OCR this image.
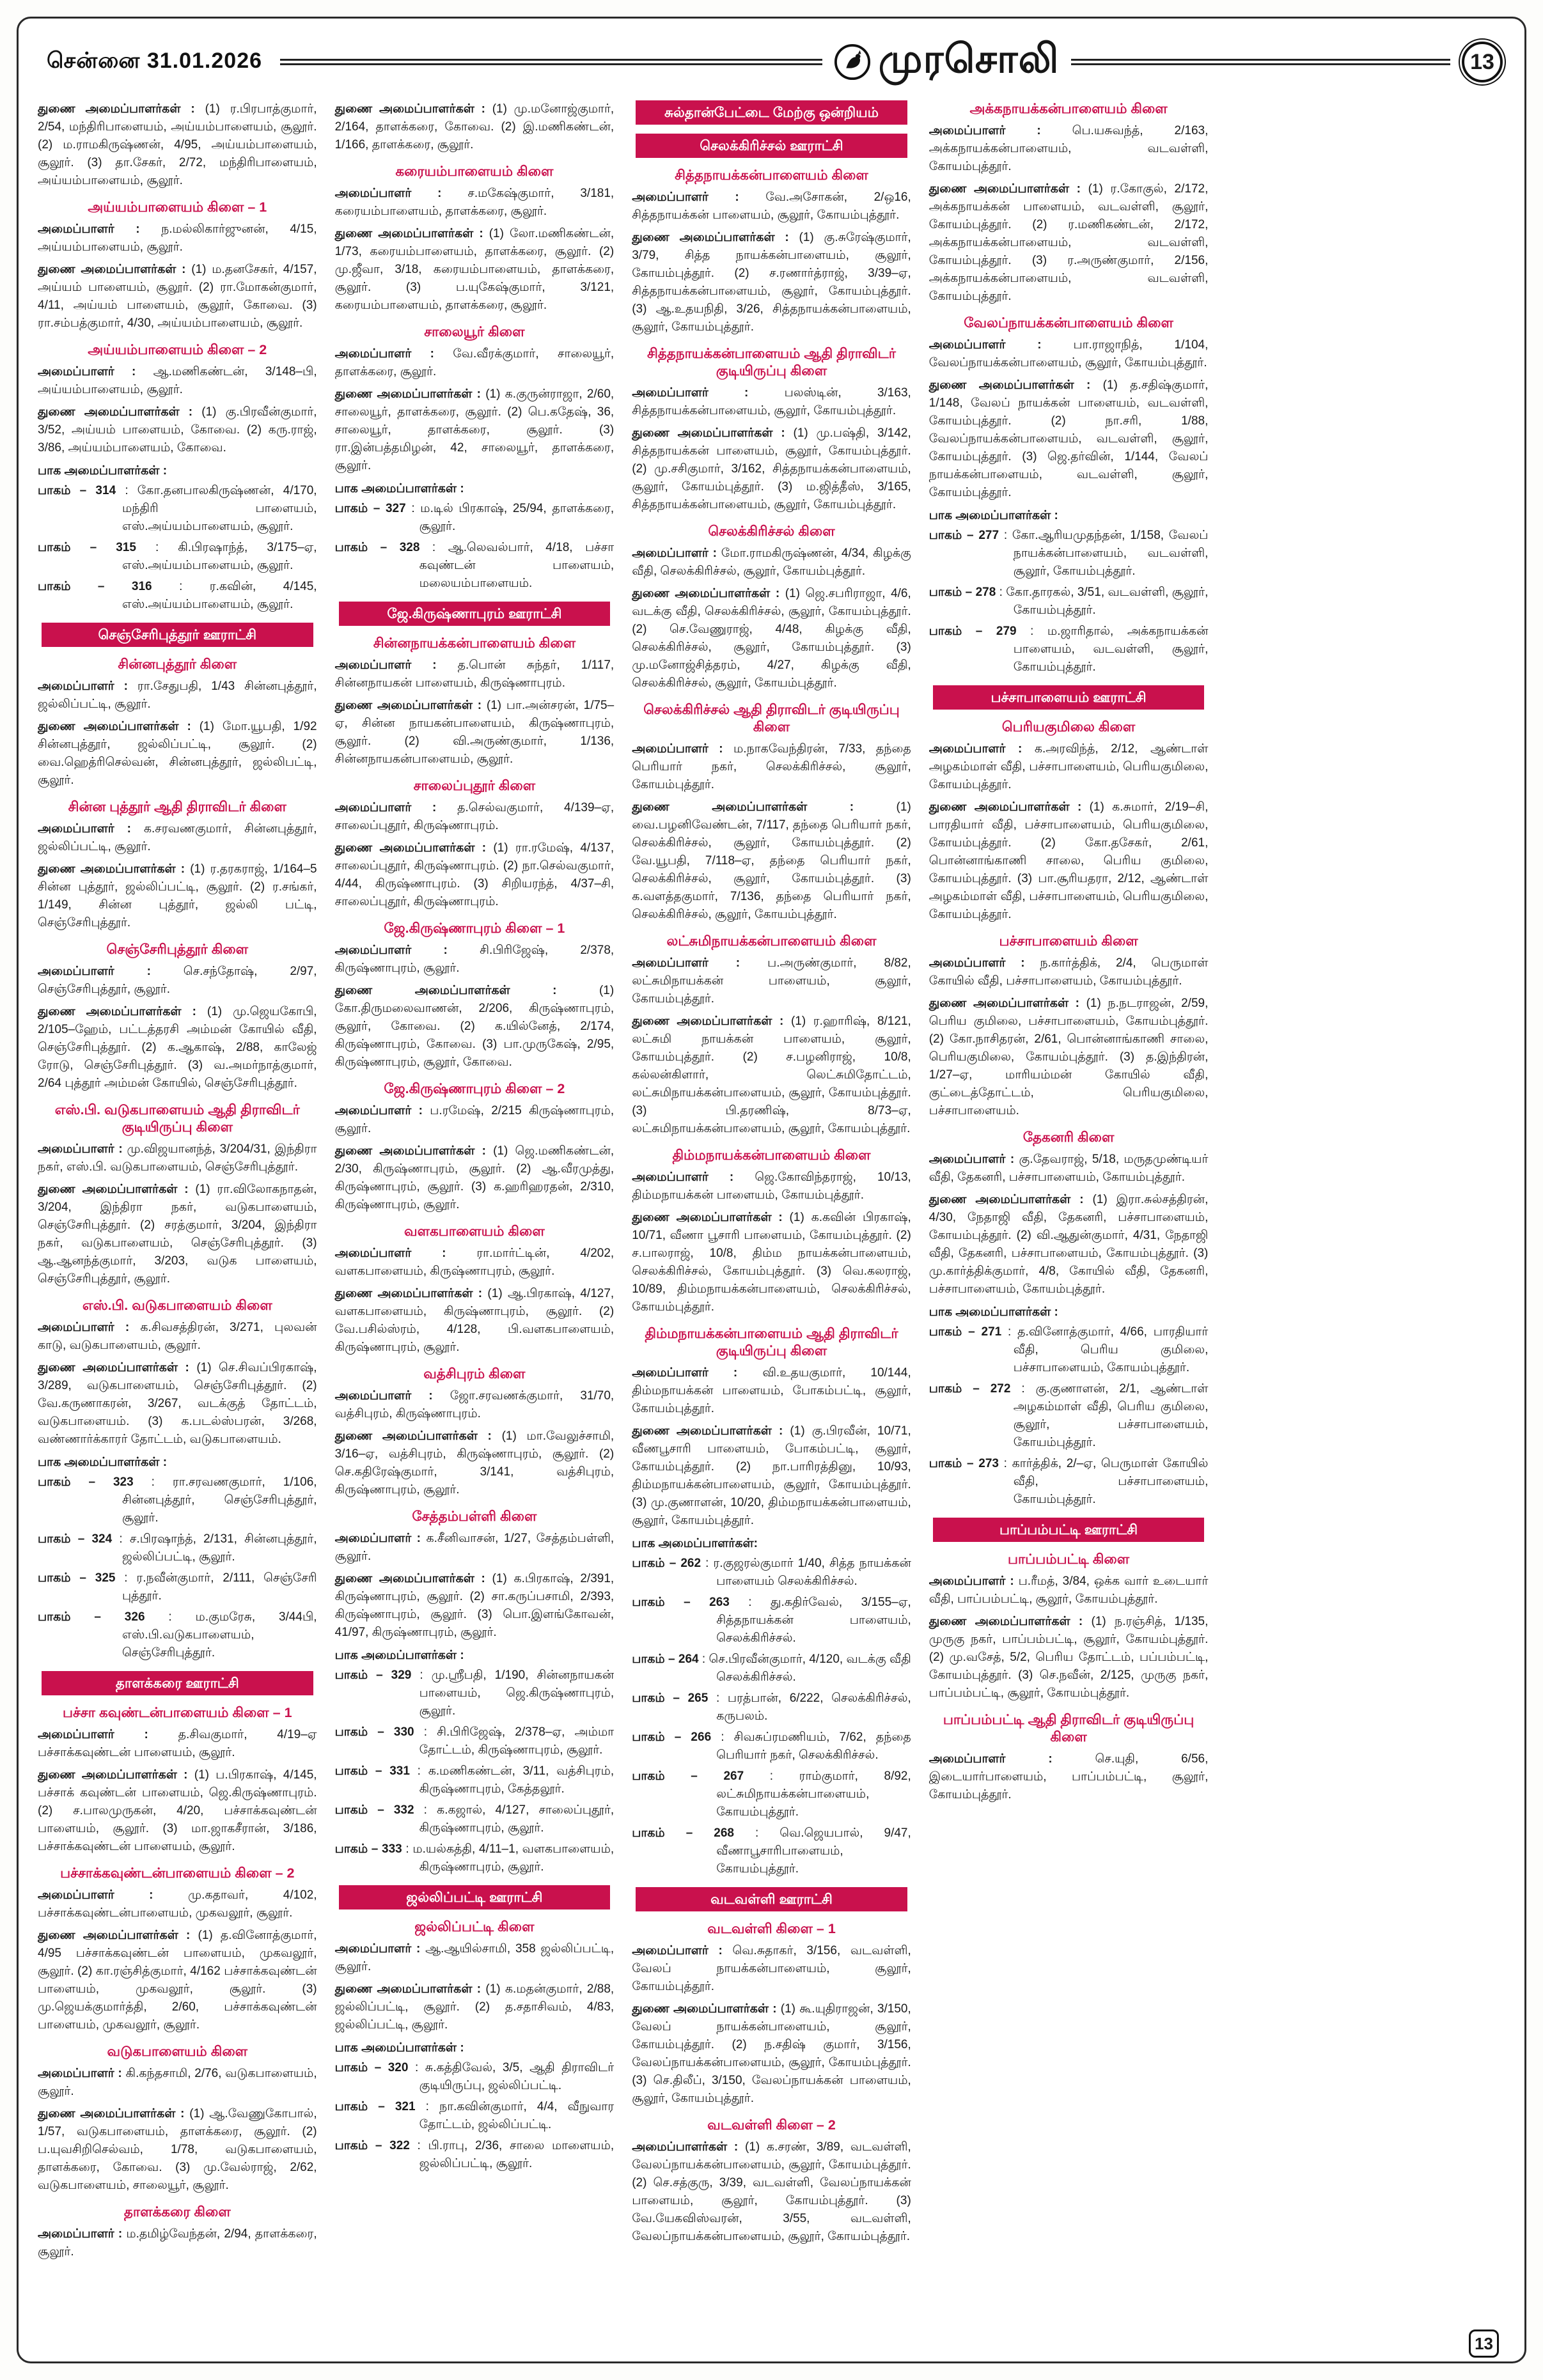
சென்னை 31.01.2026	முரசொலி	13

துணை அமைப்பாளர்கள் : (1) ர.பிரபாத்குமார், 2/54, மந்திரிபாளையம், அய்யம்பாளையம், சூலூர். (2) ம.ராமகிருஷ்ணன், 4/95, அய்யம்பாளையம், சூலூர். (3) தா.சேகர், 2/72, மந்திரிபாளையம், அய்யம்பாளையம், சூலூர்.

அய்யம்பாளையம் கிளை – 1

அமைப்பாளர் : ந.மல்லிகார்ஜுனன், 4/15, அய்யம்பாளையம், சூலூர்.

துணை அமைப்பாளர்கள் : (1) ம.தனசேகர், 4/157, அய்யம் பாளையம், சூலூர். (2) ரா.மோகன்குமார், 4/11, அய்யம் பாளையம், சூலூர், கோவை. (3) ரா.சம்பத்குமார், 4/30, அய்யம்பாளையம், சூலூர்.

அய்யம்பாளையம் கிளை – 2

அமைப்பாளர் : ஆ.மணிகண்டன், 3/148–பி, அய்யம்பாளையம், சூலூர்.

துணை அமைப்பாளர்கள் : (1) கு.பிரவீன்குமார், 3/52, அய்யம் பாளையம், கோவை. (2) கரு.ராஜ், 3/86, அய்யம்பாளையம், கோவை.

பாக அமைப்பாளர்கள் :

பாகம் – 314 : கோ.தனபாலகிருஷ்ணன், 4/170, மந்திரி பாளையம், எஸ்.அய்யம்பாளையம், சூலூர்.

பாகம் – 315 : கி.பிரஷாந்த், 3/175–ஏ, எஸ்.அய்யம்பாளையம், சூலூர்.

பாகம் – 316 : ர.கவின், 4/145, எஸ்.அய்யம்பாளையம், சூலூர்.

செஞ்சேரிபுத்தூர் ஊராட்சி
சின்னபுத்தூர் கிளை

அமைப்பாளர் : ரா.சேதுபதி, 1/43 சின்னபுத்தூர், ஜல்லிப்பட்டி, சூலூர்.

துணை அமைப்பாளர்கள் : (1) மோ.யூபதி, 1/92 சின்னபுத்தூர், ஜல்லிப்பட்டி, சூலூர். (2) வை.ஹெத்ரிசெல்வன், சின்னபுத்தூர், ஜல்லிபட்டி, சூலூர்.

சின்ன புத்தூர் ஆதி திராவிடர் கிளை

அமைப்பாளர் : க.சரவணகுமார், சின்னபுத்தூர், ஜல்லிப்பட்டி, சூலூர்.

துணை அமைப்பாளர்கள் : (1) ர.தரகராஜ், 1/164–5 சின்ன புத்தூர், ஜல்லிப்பட்டி, சூலூர். (2) ர.சங்கர், 1/149, சின்ன புத்தூர், ஜல்லி பட்டி, செஞ்சேரிபுத்தூர்.

செஞ்சேரிபுத்தூர் கிளை

அமைப்பாளர் : செ.சந்தோஷ், 2/97, செஞ்சேரிபுத்தூர், சூலூர்.

துணை அமைப்பாளர்கள் : (1) மு.ஜெயகோபி, 2/105–ஹேம், பட்டத்தரசி அம்மன் கோயில் வீதி, செஞ்சேரிபுத்தூர். (2) க.ஆகாஷ், 2/88, காலேஜ் ரோடு, செஞ்சேரிபுத்தூர். (3) வ.அமர்நாத்குமார், 2/64 புத்தூர் அம்மன் கோயில், செஞ்சேரிபுத்தூர்.

எஸ்.பி. வடுகபாளையம் ஆதி திராவிடர் குடியிருப்பு கிளை

அமைப்பாளர் : மு.விஜயானந்த், 3/204/31, இந்திரா நகர், எஸ்.பி. வடுகபாளையம், செஞ்சேரிபுத்தூர்.

துணை அமைப்பாளர்கள் : (1) ரா.விலோகநாதன், 3/204, இந்திரா நகர், வடுகபாளையம், செஞ்சேரிபுத்தூர். (2) சரத்குமார், 3/204, இந்திரா நகர், வடுகபாளையம், செஞ்சேரிபுத்தூர். (3) ஆ.ஆனந்த்குமார், 3/203, வடுக பாளையம், செஞ்சேரிபுத்தூர், சூலூர்.

எஸ்.பி. வடுகபாளையம் கிளை

அமைப்பாளர் : க.சிவசத்திரன், 3/271, புலவன் காடு, வடுகபாளையம், சூலூர்.

துணை அமைப்பாளர்கள் : (1) செ.சிவப்பிரகாஷ், 3/289, வடுகபாளையம், செஞ்சேரிபுத்தூர். (2) வே.கருணாகரன், 3/267, வடக்குத் தோட்டம், வடுகபாளையம். (3) க.படல்ஸ்பரன், 3/268, வண்ணார்க்காரர் தோட்டம், வடுகபாளையம்.

பாக அமைப்பாளர்கள் :

பாகம் – 323 : ரா.சரவணகுமார், 1/106, சின்னபுத்தூர், செஞ்சேரிபுத்தூர், சூலூர்.

பாகம் – 324 : ச.பிரஷாந்த், 2/131, சின்னபுத்தூர், ஜல்லிப்பட்டி, சூலூர்.

பாகம் – 325 : ர.நவீன்குமார், 2/111, செஞ்சேரி புத்தூர்.

பாகம் – 326 : ம.குமரேசு, 3/44பி, எஸ்.பி.வடுகபாளையம், செஞ்சேரிபுத்தூர்.

தாளக்கரை ஊராட்சி
பச்சா கவுண்டன்பாளையம் கிளை – 1

அமைப்பாளர் : த.சிவகுமார், 4/19–ஏ பச்சாக்கவுண்டன் பாளையம், சூலூர்.

துணை அமைப்பாளர்கள் : (1) ப.பிரகாஷ், 4/145, பச்சாக் கவுண்டன் பாளையம், ஜெ.கிருஷ்ணாபுரம். (2) ச.பாலமுருகன், 4/20, பச்சாக்கவுண்டன் பாளையம், சூலூர். (3) மா.ஜாகசீரான், 3/186, பச்சாக்கவுண்டன் பாளையம், சூலூர்.

பச்சாக்கவுண்டன்பாளையம் கிளை – 2

அமைப்பாளர் : மு.கதாவர், 4/102, பச்சாக்கவுண்டன்பாளையம், முகவலூர், சூலூர்.

துணை அமைப்பாளர்கள் : (1) த.வினோத்குமார், 4/95 பச்சாக்கவுண்டன் பாளையம், முகவலூர், சூலூர். (2) கா.ரஞ்சித்குமார், 4/162 பச்சாக்கவுண்டன் பாளையம், முகவலூர், சூலூர். (3) மு.ஜெயக்குமார்த்தி, 2/60, பச்சாக்கவுண்டன் பாளையம், முகவலூர், சூலூர்.

வடுகபாளையம் கிளை

அமைப்பாளர் : கி.கந்தசாமி, 2/76, வடுகபாளையம், சூலூர்.

துணை அமைப்பாளர்கள் : (1) ஆ.வேணுகோபால், 1/57, வடுகபாளையம், தாளக்கரை, சூலூர். (2) ப.யுவசிறிசெல்வம், 1/78, வடுகபாளையம், தாளக்கரை, கோவை. (3) மு.வேல்ராஜ், 2/62, வடுகபாளையம், சாலையூர், சூலூர்.

தாளக்கரை கிளை

அமைப்பாளர் : ம.தமிழ்வேந்தன், 2/94, தாளக்கரை, சூலூர்.

துணை அமைப்பாளர்கள் : (1) மு.மனோஜ்குமார், 2/164, தாளக்கரை, கோவை. (2) இ.மணிகண்டன், 1/166, தாளக்கரை, சூலூர்.

கரையம்பாளையம் கிளை

அமைப்பாளர் : ச.மகேஷ்குமார், 3/181, கரையம்பாளையம், தாளக்கரை, சூலூர்.

துணை அமைப்பாளர்கள் : (1) லோ.மணிகண்டன், 1/73, கரையம்பாளையம், தாளக்கரை, சூலூர். (2) மு.ஜீவா, 3/18, கரையம்பாளையம், தாளக்கரை, சூலூர். (3) ப.யுகேஷ்குமார், 3/121, கரையம்பாளையம், தாளக்கரை, சூலூர்.

சாலையூர் கிளை

அமைப்பாளர் : வே.வீரக்குமார், சாலையூர், தாளக்கரை, சூலூர்.

துணை அமைப்பாளர்கள் : (1) க.குருன்ராஜா, 2/60, சாலையூர், தாளக்கரை, சூலூர். (2) பெ.கதேஷ், 36, சாலையூர், தாளக்கரை, சூலூர். (3) ரா.இன்பத்தமிழன், 42, சாலையூர், தாளக்கரை, சூலூர்.

பாக அமைப்பாளர்கள் :

பாகம் – 327 : ம.டில் பிரகாஷ், 25/94, தாளக்கரை, சூலூர்.

பாகம் – 328 : ஆ.லெவல்பார், 4/18, பச்சா கவுண்டன் பாளையம், மலையம்பாளையம்.

ஜே.கிருஷ்ணாபுரம் ஊராட்சி
சின்னநாயக்கன்பாளையம் கிளை

அமைப்பாளர் : த.பொன் சுந்தர், 1/117, சின்னநாயகன் பாளையம், கிருஷ்ணாபுரம்.

துணை அமைப்பாளர்கள் : (1) பா.அன்சரன், 1/75–ஏ, சின்ன நாயகன்பாளையம், கிருஷ்ணாபுரம், சூலூர். (2) வி.அருண்குமார், 1/136, சின்னநாயகன்பாளையம், சூலூர்.

சாலைப்புதூர் கிளை

அமைப்பாளர் : த.செல்வகுமார், 4/139–ஏ, சாலைப்புதூர், கிருஷ்ணாபுரம்.

துணை அமைப்பாளர்கள் : (1) ரா.ரமேஷ், 4/137, சாலைப்புதூர், கிருஷ்ணாபுரம். (2) நா.செல்வகுமார், 4/44, கிருஷ்ணாபுரம். (3) சிறியரந்த், 4/37–சி, சாலைப்புதூர், கிருஷ்ணாபுரம்.

ஜே.கிருஷ்ணாபுரம் கிளை – 1

அமைப்பாளர் : சி.பிரிஜேஷ், 2/378, கிருஷ்ணாபுரம், சூலூர்.

துணை அமைப்பாளர்கள் : (1) கோ.திருமலைவாணன், 2/206, கிருஷ்ணாபுரம், சூலூர், கோவை. (2) க.யில்னேத், 2/174, கிருஷ்ணாபுரம், கோவை. (3) பா.முருகேஷ், 2/95, கிருஷ்ணாபுரம், சூலூர், கோவை.

ஜே.கிருஷ்ணாபுரம் கிளை – 2

அமைப்பாளர் : ப.ரமேஷ், 2/215 கிருஷ்ணாபுரம், சூலூர்.

துணை அமைப்பாளர்கள் : (1) ஜெ.மணிகண்டன், 2/30, கிருஷ்ணாபுரம், சூலூர். (2) ஆ.வீரமுத்து, கிருஷ்ணாபுரம், சூலூர். (3) க.ஹரிஹரதன், 2/310, கிருஷ்ணாபுரம், சூலூர்.

வளகபாளையம் கிளை

அமைப்பாளர் : ரா.மார்ட்டின், 4/202, வளகபாளையம், கிருஷ்ணாபுரம், சூலூர்.

துணை அமைப்பாளர்கள் : (1) ஆ.பிரகாஷ், 4/127, வளகபாளையம், கிருஷ்ணாபுரம், சூலூர். (2) வே.பசில்ஸ்ரம், 4/128, பி.வளகபாளையம், கிருஷ்ணாபுரம், சூலூர்.

வத்சிபுரம் கிளை

அமைப்பாளர் : ஜோ.சரவணக்குமார், 31/70, வத்சிபுரம், கிருஷ்ணாபுரம்.

துணை அமைப்பாளர்கள் : (1) மா.வேலுச்சாமி, 3/16–ஏ, வத்சிபுரம், கிருஷ்ணாபுரம், சூலூர். (2) செ.கதிரேஷ்குமார், 3/141, வத்சிபுரம், கிருஷ்ணாபுரம், சூலூர்.

சேத்தம்பள்ளி கிளை

அமைப்பாளர் : க.சீனிவாசன், 1/27, சேத்தம்பள்ளி, சூலூர்.

துணை அமைப்பாளர்கள் : (1) க.பிரகாஷ், 2/391, கிருஷ்ணாபுரம், சூலூர். (2) சா.கருப்பசாமி, 2/393, கிருஷ்ணாபுரம், சூலூர். (3) பொ.இளங்கோவன், 41/97, கிருஷ்ணாபுரம், சூலூர்.

பாக அமைப்பாளர்கள் :

பாகம் – 329 : மு.ஸ்ரீபதி, 1/190, சின்னநாயகன் பாளையம், ஜெ.கிருஷ்ணாபுரம், சூலூர்.

பாகம் – 330 : சி.பிரிஜேஷ், 2/378–ஏ, அம்மா தோட்டம், கிருஷ்ணாபுரம், சூலூர்.

பாகம் – 331 : க.மணிகண்டன், 3/11, வத்சிபுரம், கிருஷ்ணாபுரம், கேத்தலூர்.

பாகம் – 332 : க.கஜால், 4/127, சாலைப்புதூர், கிருஷ்ணாபுரம், சூலூர்.

பாகம் – 333 : ம.யல்கத்தி, 4/11–1, வளகபாளையம், கிருஷ்ணாபுரம், சூலூர்.

ஜல்லிப்பட்டி ஊராட்சி
ஜல்லிப்பட்டி கிளை

அமைப்பாளர் : ஆ.ஆயில்சாமி, 358 ஜல்லிப்பட்டி, சூலூர்.

துணை அமைப்பாளர்கள் : (1) க.மதன்குமார், 2/88, ஜல்லிப்பட்டி, சூலூர். (2) த.சதாசிவம், 4/83, ஜல்லிப்பட்டி, சூலூர்.

பாக அமைப்பாளர்கள் :

பாகம் – 320 : சு.கத்திவேல், 3/5, ஆதி திராவிடர் குடியிருப்பு, ஜல்லிப்பட்டி.

பாகம் – 321 : நா.கவின்குமார், 4/4, வீநுவார தோட்டம், ஜல்லிப்பட்டி.

பாகம் – 322 : பி.ராபு, 2/36, சாலை மாளையம், ஜல்லிப்பட்டி, சூலூர்.

சுல்தான்பேட்டை மேற்கு ஒன்றியம்
செலக்கிரிச்சல் ஊராட்சி
சித்தநாயக்கன்பாளையம் கிளை

அமைப்பாளர் : வே.அசோகன், 2/ஒ16, சித்தநாயக்கன் பாளையம், சூலூர், கோயம்புத்தூர்.

துணை அமைப்பாளர்கள் : (1) கு.சுரேஷ்குமார், 3/79, சித்த நாயக்கன்பாளையம், சூலூர், கோயம்புத்தூர். (2) ச.ரணார்த்ராஜ், 3/39–ஏ, சித்தநாயக்கன்பாளையம், சூலூர், கோயம்புத்தூர். (3) ஆ.உதயநிதி, 3/26, சித்தநாயக்கன்பாளையம், சூலூர், கோயம்புத்தூர்.

சித்தநாயக்கன்பாளையம் ஆதி திராவிடர் குடியிருப்பு கிளை

அமைப்பாளர் : பலஸ்டின், 3/163, சித்தநாயக்கன்பாளையம், சூலூர், கோயம்புத்தூர்.

துணை அமைப்பாளர்கள் : (1) மு.பஷ்தி, 3/142, சித்தநாயக்கன் பாளையம், சூலூர், கோயம்புத்தூர். (2) மு.சசிகுமார், 3/162, சித்தநாயக்கன்பாளையம், சூலூர், கோயம்புத்தூர். (3) ம.ஜித்தீஸ், 3/165, சித்தநாயக்கன்பாளையம், சூலூர், கோயம்புத்தூர்.

செலக்கிரிச்சல் கிளை

அமைப்பாளர் : மோ.ராமகிருஷ்ணன், 4/34, கிழக்கு வீதி, செலக்கிரிச்சல், சூலூர், கோயம்புத்தூர்.

துணை அமைப்பாளர்கள் : (1) ஜெ.சபரிராஜா, 4/6, வடக்கு வீதி, செலக்கிரிச்சல், சூலூர், கோயம்புத்தூர். (2) செ.வேணுராஜ், 4/48, கிழக்கு வீதி, செலக்கிரிச்சல், சூலூர், கோயம்புத்தூர். (3) மு.மனோஜ்சித்தரம், 4/27, கிழக்கு வீதி, செலக்கிரிச்சல், சூலூர், கோயம்புத்தூர்.

செலக்கிரிச்சல் ஆதி திராவிடர் குடியிருப்பு கிளை

அமைப்பாளர் : ம.நாகவேந்திரன், 7/33, தந்தை பெரியார் நகர், செலக்கிரிச்சல், சூலூர், கோயம்புத்தூர்.

துணை அமைப்பாளர்கள் : (1) வை.பழனிவேண்டன், 7/117, தந்தை பெரியார் நகர், செலக்கிரிச்சல், சூலூர், கோயம்புத்தூர். (2) வே.யூபதி, 7/118–ஏ, தந்தை பெரியார் நகர், செலக்கிரிச்சல், சூலூர், கோயம்புத்தூர். (3) க.வளத்தகுமார், 7/136, தந்தை பெரியார் நகர், செலக்கிரிச்சல், சூலூர், கோயம்புத்தூர்.

லட்சுமிநாயக்கன்பாளையம் கிளை

அமைப்பாளர் : ப.அருண்குமார், 8/82, லட்சுமிநாயக்கன் பாளையம், சூலூர், கோயம்புத்தூர்.

துணை அமைப்பாளர்கள் : (1) ர.ஹாரிஷ், 8/121, லட்சுமி நாயக்கன் பாளையம், சூலூர், கோயம்புத்தூர். (2) ச.பழனிராஜ், 10/8, கல்லன்கிளார், லெட்சுமிதோட்டம், லட்சுமிநாயக்கன்பாளையம், சூலூர், கோயம்புத்தூர். (3) பி.தரணிஷ், 8/73–ஏ, லட்சுமிநாயக்கன்பாளையம், சூலூர், கோயம்புத்தூர்.

திம்மநாயக்கன்பாளையம் கிளை

அமைப்பாளர் : ஜெ.கோவிந்தராஜ், 10/13, திம்மநாயக்கன் பாளையம், கோயம்புத்தூர்.

துணை அமைப்பாளர்கள் : (1) க.கவின் பிரகாஷ், 10/71, வீணா பூசாரி பாளையம், கோயம்புத்தூர். (2) ச.பாலராஜ், 10/8, திம்ம நாயக்கன்பாளையம், செலக்கிரிச்சல், கோயம்புத்தூர். (3) வெ.கலராஜ், 10/89, திம்மநாயக்கன்பாளையம், செலக்கிரிச்சல், கோயம்புத்தூர்.

திம்மநாயக்கன்பாளையம் ஆதி திராவிடர் குடியிருப்பு கிளை

அமைப்பாளர் : வி.உதயகுமார், 10/144, திம்மநாயக்கன் பாளையம், போகம்பட்டி, சூலூர், கோயம்புத்தூர்.

துணை அமைப்பாளர்கள் : (1) கு.பிரவீன், 10/71, வீணபூசாரி பாளையம், போகம்பட்டி, சூலூர், கோயம்புத்தூர். (2) நா.பாரிரத்தினு, 10/93, திம்மநாயக்கன்பாளையம், சூலூர், கோயம்புத்தூர். (3) மு.குணாளன், 10/20, திம்மநாயக்கன்பாளையம், சூலூர், கோயம்புத்தூர்.

பாக அமைப்பாளர்கள்:

பாகம் – 262 : ர.குஜரல்குமார் 1/40, சித்த நாயக்கன் பாளையம் செலக்கிரிச்சல்.

பாகம் – 263 : து.கதிர்வேல், 3/155–ஏ, சித்தநாயக்கன் பாளையம், செலக்கிரிச்சல்.

பாகம் – 264 : செ.பிரவீன்குமார், 4/120, வடக்கு வீதி செலக்கிரிச்சல்.

பாகம் – 265 : பரத்பான், 6/222, செலக்கிரிச்சல், கருபலம்.

பாகம் – 266 : சிவசுப்ரமணியம், 7/62, தந்தை பெரியார் நகர், செலக்கிரிச்சல்.

பாகம் – 267 : ராம்குமார், 8/92, லட்சுமிநாயக்கன்பாளையம், கோயம்புத்தூர்.

பாகம் – 268 : வெ.ஜெயபால், 9/47, வீணாபூசாரிபாளையம், கோயம்புத்தூர்.

வடவள்ளி ஊராட்சி
வடவள்ளி கிளை – 1

அமைப்பாளர் : வெ.சுதாகர், 3/156, வடவள்ளி, வேலப் நாயக்கன்பாளையம், சூலூர், கோயம்புத்தூர்.

துணை அமைப்பாளர்கள் : (1) கூ.யுதிராஜன், 3/150, வேலப் நாயக்கன்பாளையம், சூலூர், கோயம்புத்தூர். (2) ந.சதிஷ் குமார், 3/156, வேலப்நாயக்கன்பாளையம், சூலூர், கோயம்புத்தூர். (3) செ.திலீப், 3/150, வேலப்நாயக்கன் பாளையம், சூலூர், கோயம்புத்தூர்.

வடவள்ளி கிளை – 2

அமைப்பாளர்கள் : (1) க.சரண், 3/89, வடவள்ளி, வேலப்நாயக்கன்பாளையம், சூலூர், கோயம்புத்தூர். (2) செ.சத்குரு, 3/39, வடவள்ளி, வேலப்நாயக்கன் பாளையம், சூலூர், கோயம்புத்தூர். (3) வே.யேகவிஸ்வரன், 3/55, வடவள்ளி, வேலப்நாயக்கன்பாளையம், சூலூர், கோயம்புத்தூர்.

அக்கநாயக்கன்பாளையம் கிளை

அமைப்பாளர் : பெ.யசுவந்த், 2/163, அக்கநாயக்கன்பாளையம், வடவள்ளி, கோயம்புத்தூர்.

துணை அமைப்பாளர்கள் : (1) ர.கோகுல், 2/172, அக்கநாயக்கன் பாளையம், வடவள்ளி, சூலூர், கோயம்புத்தூர். (2) ர.மணிகண்டன், 2/172, அக்கநாயக்கன்பாளையம், வடவள்ளி, கோயம்புத்தூர். (3) ர.அருண்குமார், 2/156, அக்கநாயக்கன்பாளையம், வடவள்ளி, கோயம்புத்தூர்.

வேலப்நாயக்கன்பாளையம் கிளை

அமைப்பாளர் : பா.ராஜாநித், 1/104, வேலப்நாயக்கன்பாளையம், சூலூர், கோயம்புத்தூர்.

துணை அமைப்பாளர்கள் : (1) த.சதிஷ்குமார், 1/148, வேலப் நாயக்கன் பாளையம், வடவள்ளி, கோயம்புத்தூர். (2) நா.சரி, 1/88, வேலப்நாயக்கன்பாளையம், வடவள்ளி, சூலூர், கோயம்புத்தூர். (3) ஜெ.தர்வின், 1/144, வேலப் நாயக்கன்பாளையம், வடவள்ளி, சூலூர், கோயம்புத்தூர்.

பாக அமைப்பாளர்கள் :

பாகம் – 277 : கோ.ஆரியமுதந்தன், 1/158, வேலப் நாயக்கன்பாளையம், வடவள்ளி, சூலூர், கோயம்புத்தூர்.

பாகம் – 278 : கோ.தாரகல், 3/51, வடவள்ளி, சூலூர், கோயம்புத்தூர்.

பாகம் – 279 : ம.ஜாரிதால், அக்கநாயக்கன் பாளையம், வடவள்ளி, சூலூர், கோயம்புத்தூர்.

பச்சாபாளையம் ஊராட்சி
பெரியகுமிலை கிளை

அமைப்பாளர் : க.அரவிந்த், 2/12, ஆண்டாள் அழகம்மாள் வீதி, பச்சாபாளையம், பெரியகுமிலை, கோயம்புத்தூர்.

துணை அமைப்பாளர்கள் : (1) க.சுமார், 2/19–சி, பாரதியார் வீதி, பச்சாபாளையம், பெரியகுமிலை, கோயம்புத்தூர். (2) கோ.தசேகர், 2/61, பொன்னாங்காணி சாலை, பெரிய குமிலை, கோயம்புத்தூர். (3) பா.சூரியதரா, 2/12, ஆண்டாள் அழகம்மாள் வீதி, பச்சாபாளையம், பெரியகுமிலை, கோயம்புத்தூர்.

பச்சாபாளையம் கிளை

அமைப்பாளர் : ந.கார்த்திக், 2/4, பெருமாள் கோயில் வீதி, பச்சாபாளையம், கோயம்புத்தூர்.

துணை அமைப்பாளர்கள் : (1) ந.நடராஜன், 2/59, பெரிய குமிலை, பச்சாபாளையம், கோயம்புத்தூர். (2) கோ.நாசிதரன், 2/61, பொன்னாங்காணி சாலை, பெரியகுமிலை, கோயம்புத்தூர். (3) த.இந்திரன், 1/27–ஏ, மாரியம்மன் கோயில் வீதி, குட்டைத்தோட்டம், பெரியகுமிலை, பச்சாபாளையம்.

தேகனரி கிளை

அமைப்பாளர் : கு.தேவராஜ், 5/18, மருதமுண்டியர் வீதி, தேகனரி, பச்சாபாளையம், கோயம்புத்தூர்.

துணை அமைப்பாளர்கள் : (1) இரா.சுல்சத்திரன், 4/30, நேதாஜி வீதி, தேகனரி, பச்சாபாளையம், கோயம்புத்தூர். (2) வி.ஆதுன்குமார், 4/31, நேதாஜி வீதி, தேகனரி, பச்சாபாளையம், கோயம்புத்தூர். (3) மு.கார்த்திக்குமார், 4/8, கோயில் வீதி, தேகனரி, பச்சாபாளையம், கோயம்புத்தூர்.

பாக அமைப்பாளர்கள் :

பாகம் – 271 : த.வினோத்குமார், 4/66, பாரதியார் வீதி, பெரிய குமிலை, பச்சாபாளையம், கோயம்புத்தூர்.

பாகம் – 272 : கு.குணாளன், 2/1, ஆண்டாள் அழகம்மாள் வீதி, பெரிய குமிலை, சூலூர், பச்சாபாளையம், கோயம்புத்தூர்.

பாகம் – 273 : கார்த்திக், 2/–ஏ, பெருமாள் கோயில் வீதி, பச்சாபாளையம், கோயம்புத்தூர்.

பாப்பம்பட்டி ஊராட்சி
பாப்பம்பட்டி கிளை

அமைப்பாளர் : ப.ரீமத், 3/84, ஒக்க வார் உடையார் வீதி, பாப்பம்பட்டி, சூலூர், கோயம்புத்தூர்.

துணை அமைப்பாளர்கள் : (1) ந.ரஞ்சித், 1/135, முருகு நகர், பாப்பம்பட்டி, சூலூர், கோயம்புத்தூர். (2) மு.வசேத், 5/2, பெரிய தோட்டம், பப்பம்பட்டி, கோயம்புத்தூர். (3) செ.நவீன், 2/125, முருகு நகர், பாப்பம்பட்டி, சூலூர், கோயம்புத்தூர்.

பாப்பம்பட்டி ஆதி திராவிடர் குடியிருப்பு கிளை

அமைப்பாளர் : செ.யுதி, 6/56, இடையார்பாளையம், பாப்பம்பட்டி, சூலூர், கோயம்புத்தூர்.

13
